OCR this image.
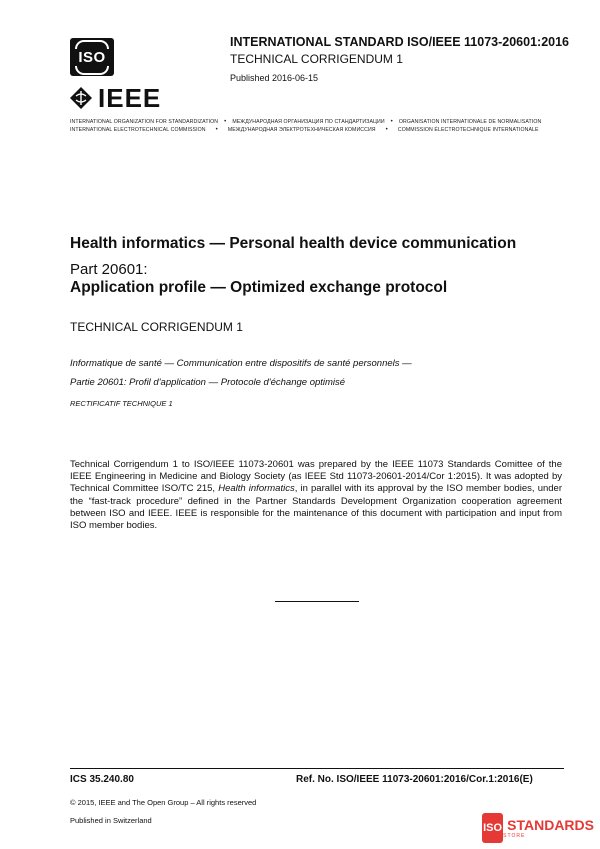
ISO
IEEE
INTERNATIONAL STANDARD ISO/IEEE 11073-20601:2016
TECHNICAL CORRIGENDUM 1
Published 2016-06-15
INTERNATIONAL ORGANIZATION FOR STANDARDIZATION • МЕЖДУНАРОДНАЯ ОРГАНИЗАЦИЯ ПО СТАНДАРТИЗАЦИИ • ORGANISATION INTERNATIONALE DE NORMALISATION
INTERNATIONAL ELECTROTECHNICAL COMMISSION • МЕЖДУНАРОДНАЯ ЭЛЕКТРОТЕХНИЧЕСКАЯ КОМИССИЯ • COMMISSION ÉLECTROTECHNIQUE INTERNATIONALE
Health informatics — Personal health device communication
Part 20601:
Application profile — Optimized exchange protocol
TECHNICAL CORRIGENDUM 1
Informatique de santé — Communication entre dispositifs de santé personnels —
Partie 20601: Profil d'application — Protocole d'échange optimisé
RECTIFICATIF TECHNIQUE 1
Technical Corrigendum 1 to ISO/IEEE 11073-20601 was prepared by the IEEE 11073 Standards Comittee of the IEEE Engineering in Medicine and Biology Society (as IEEE Std 11073-20601-2014/Cor 1:2015). It was adopted by Technical Committee ISO/TC 215, Health informatics, in parallel with its approval by the ISO member bodies, under the “fast-track procedure” defined in the Partner Standards Development Organization cooperation agreement between ISO and IEEE. IEEE is responsible for the maintenance of this document with participation and input from ISO member bodies.
ICS 35.240.80	Ref. No. ISO/IEEE 11073-20601:2016/Cor.1:2016(E)
© 2015, IEEE and The Open Group – All rights reserved
Published in Switzerland
ISO STANDARDS
STORE
